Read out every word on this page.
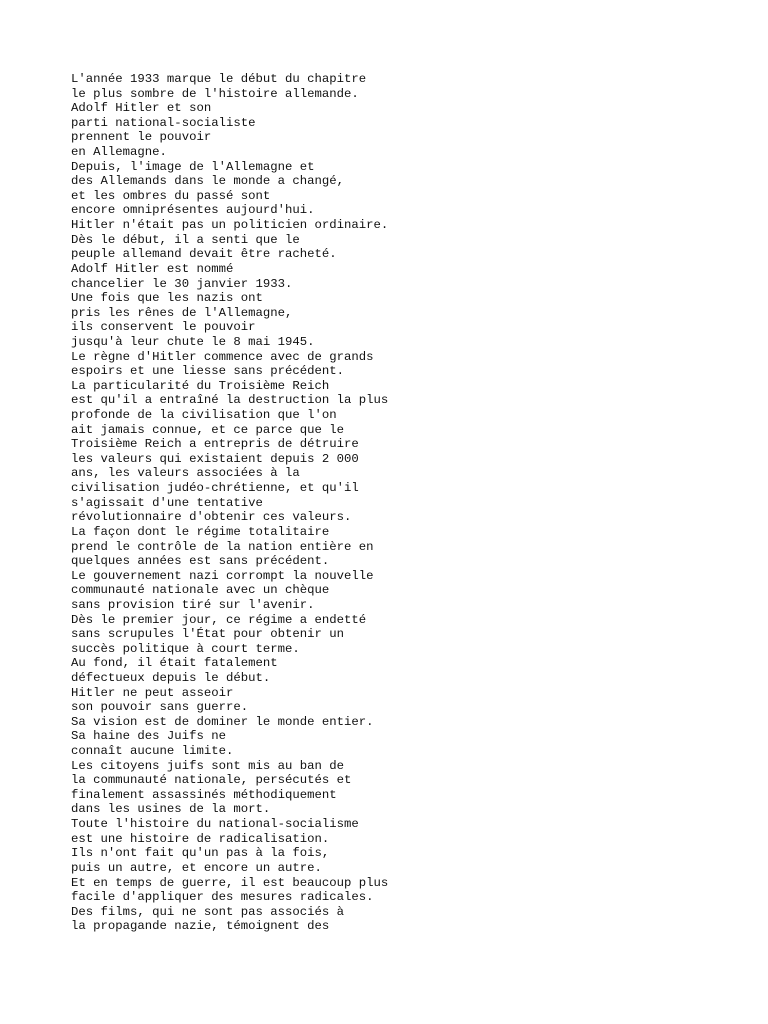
L'année 1933 marque le début du chapitre
le plus sombre de l'histoire allemande.
Adolf Hitler et son
parti national-socialiste
prennent le pouvoir
en Allemagne.
Depuis, l'image de l'Allemagne et
des Allemands dans le monde a changé,
et les ombres du passé sont
encore omniprésentes aujourd'hui.
Hitler n'était pas un politicien ordinaire.
Dès le début, il a senti que le
peuple allemand devait être racheté.
Adolf Hitler est nommé
chancelier le 30 janvier 1933.
Une fois que les nazis ont
pris les rênes de l'Allemagne,
ils conservent le pouvoir
jusqu'à leur chute le 8 mai 1945.
Le règne d'Hitler commence avec de grands
espoirs et une liesse sans précédent.
La particularité du Troisième Reich
est qu'il a entraîné la destruction la plus
profonde de la civilisation que l'on
ait jamais connue, et ce parce que le
Troisième Reich a entrepris de détruire
les valeurs qui existaient depuis 2 000
ans, les valeurs associées à la
civilisation judéo-chrétienne, et qu'il
s'agissait d'une tentative
révolutionnaire d'obtenir ces valeurs.
La façon dont le régime totalitaire
prend le contrôle de la nation entière en
quelques années est sans précédent.
Le gouvernement nazi corrompt la nouvelle
communauté nationale avec un chèque
sans provision tiré sur l'avenir.
Dès le premier jour, ce régime a endetté
sans scrupules l'État pour obtenir un
succès politique à court terme.
Au fond, il était fatalement
défectueux depuis le début.
Hitler ne peut asseoir
son pouvoir sans guerre.
Sa vision est de dominer le monde entier.
Sa haine des Juifs ne
connaît aucune limite.
Les citoyens juifs sont mis au ban de
la communauté nationale, persécutés et
finalement assassinés méthodiquement
dans les usines de la mort.
Toute l'histoire du national-socialisme
est une histoire de radicalisation.
Ils n'ont fait qu'un pas à la fois,
puis un autre, et encore un autre.
Et en temps de guerre, il est beaucoup plus
facile d'appliquer des mesures radicales.
Des films, qui ne sont pas associés à
la propagande nazie, témoignent des
